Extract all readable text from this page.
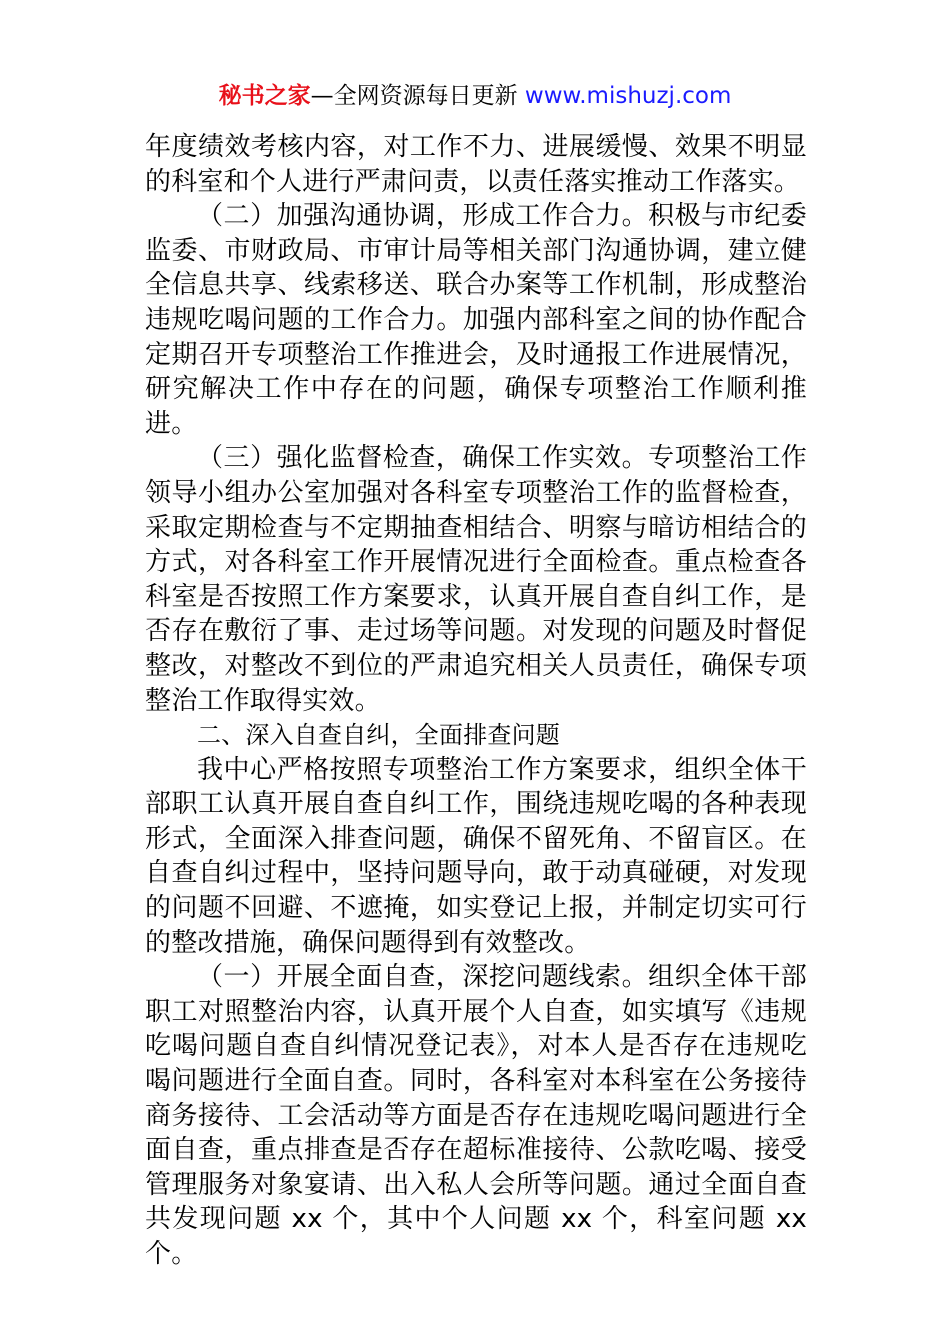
秘书之家—全网资源每日更新 www.mishuzj.com

年度绩效考核内容，对工作不力、进展缓慢、效果不明显的科室和个人进行严肃问责，以责任落实推动工作落实。

（二）加强沟通协调，形成工作合力。积极与市纪委监委、市财政局、市审计局等相关部门沟通协调，建立健全信息共享、线索移送、联合办案等工作机制，形成整治违规吃喝问题的工作合力。加强内部科室之间的协作配合定期召开专项整治工作推进会，及时通报工作进展情况，研究解决工作中存在的问题，确保专项整治工作顺利推进。

（三）强化监督检查，确保工作实效。专项整治工作领导小组办公室加强对各科室专项整治工作的监督检查，采取定期检查与不定期抽查相结合、明察与暗访相结合的方式，对各科室工作开展情况进行全面检查。重点检查各科室是否按照工作方案要求，认真开展自查自纠工作，是否存在敷衍了事、走过场等问题。对发现的问题及时督促整改，对整改不到位的严肃追究相关人员责任，确保专项整治工作取得实效。

二、深入自查自纠，全面排查问题

我中心严格按照专项整治工作方案要求，组织全体干部职工认真开展自查自纠工作，围绕违规吃喝的各种表现形式，全面深入排查问题，确保不留死角、不留盲区。在自查自纠过程中，坚持问题导向，敢于动真碰硬，对发现的问题不回避、不遮掩，如实登记上报，并制定切实可行的整改措施，确保问题得到有效整改。

（一）开展全面自查，深挖问题线索。组织全体干部职工对照整治内容，认真开展个人自查，如实填写《违规吃喝问题自查自纠情况登记表》，对本人是否存在违规吃喝问题进行全面自查。同时，各科室对本科室在公务接待商务接待、工会活动等方面是否存在违规吃喝问题进行全面自查，重点排查是否存在超标准接待、公款吃喝、接受管理服务对象宴请、出入私人会所等问题。通过全面自查共发现问题 xx 个，其中个人问题 xx 个，科室问题 xx 个。
